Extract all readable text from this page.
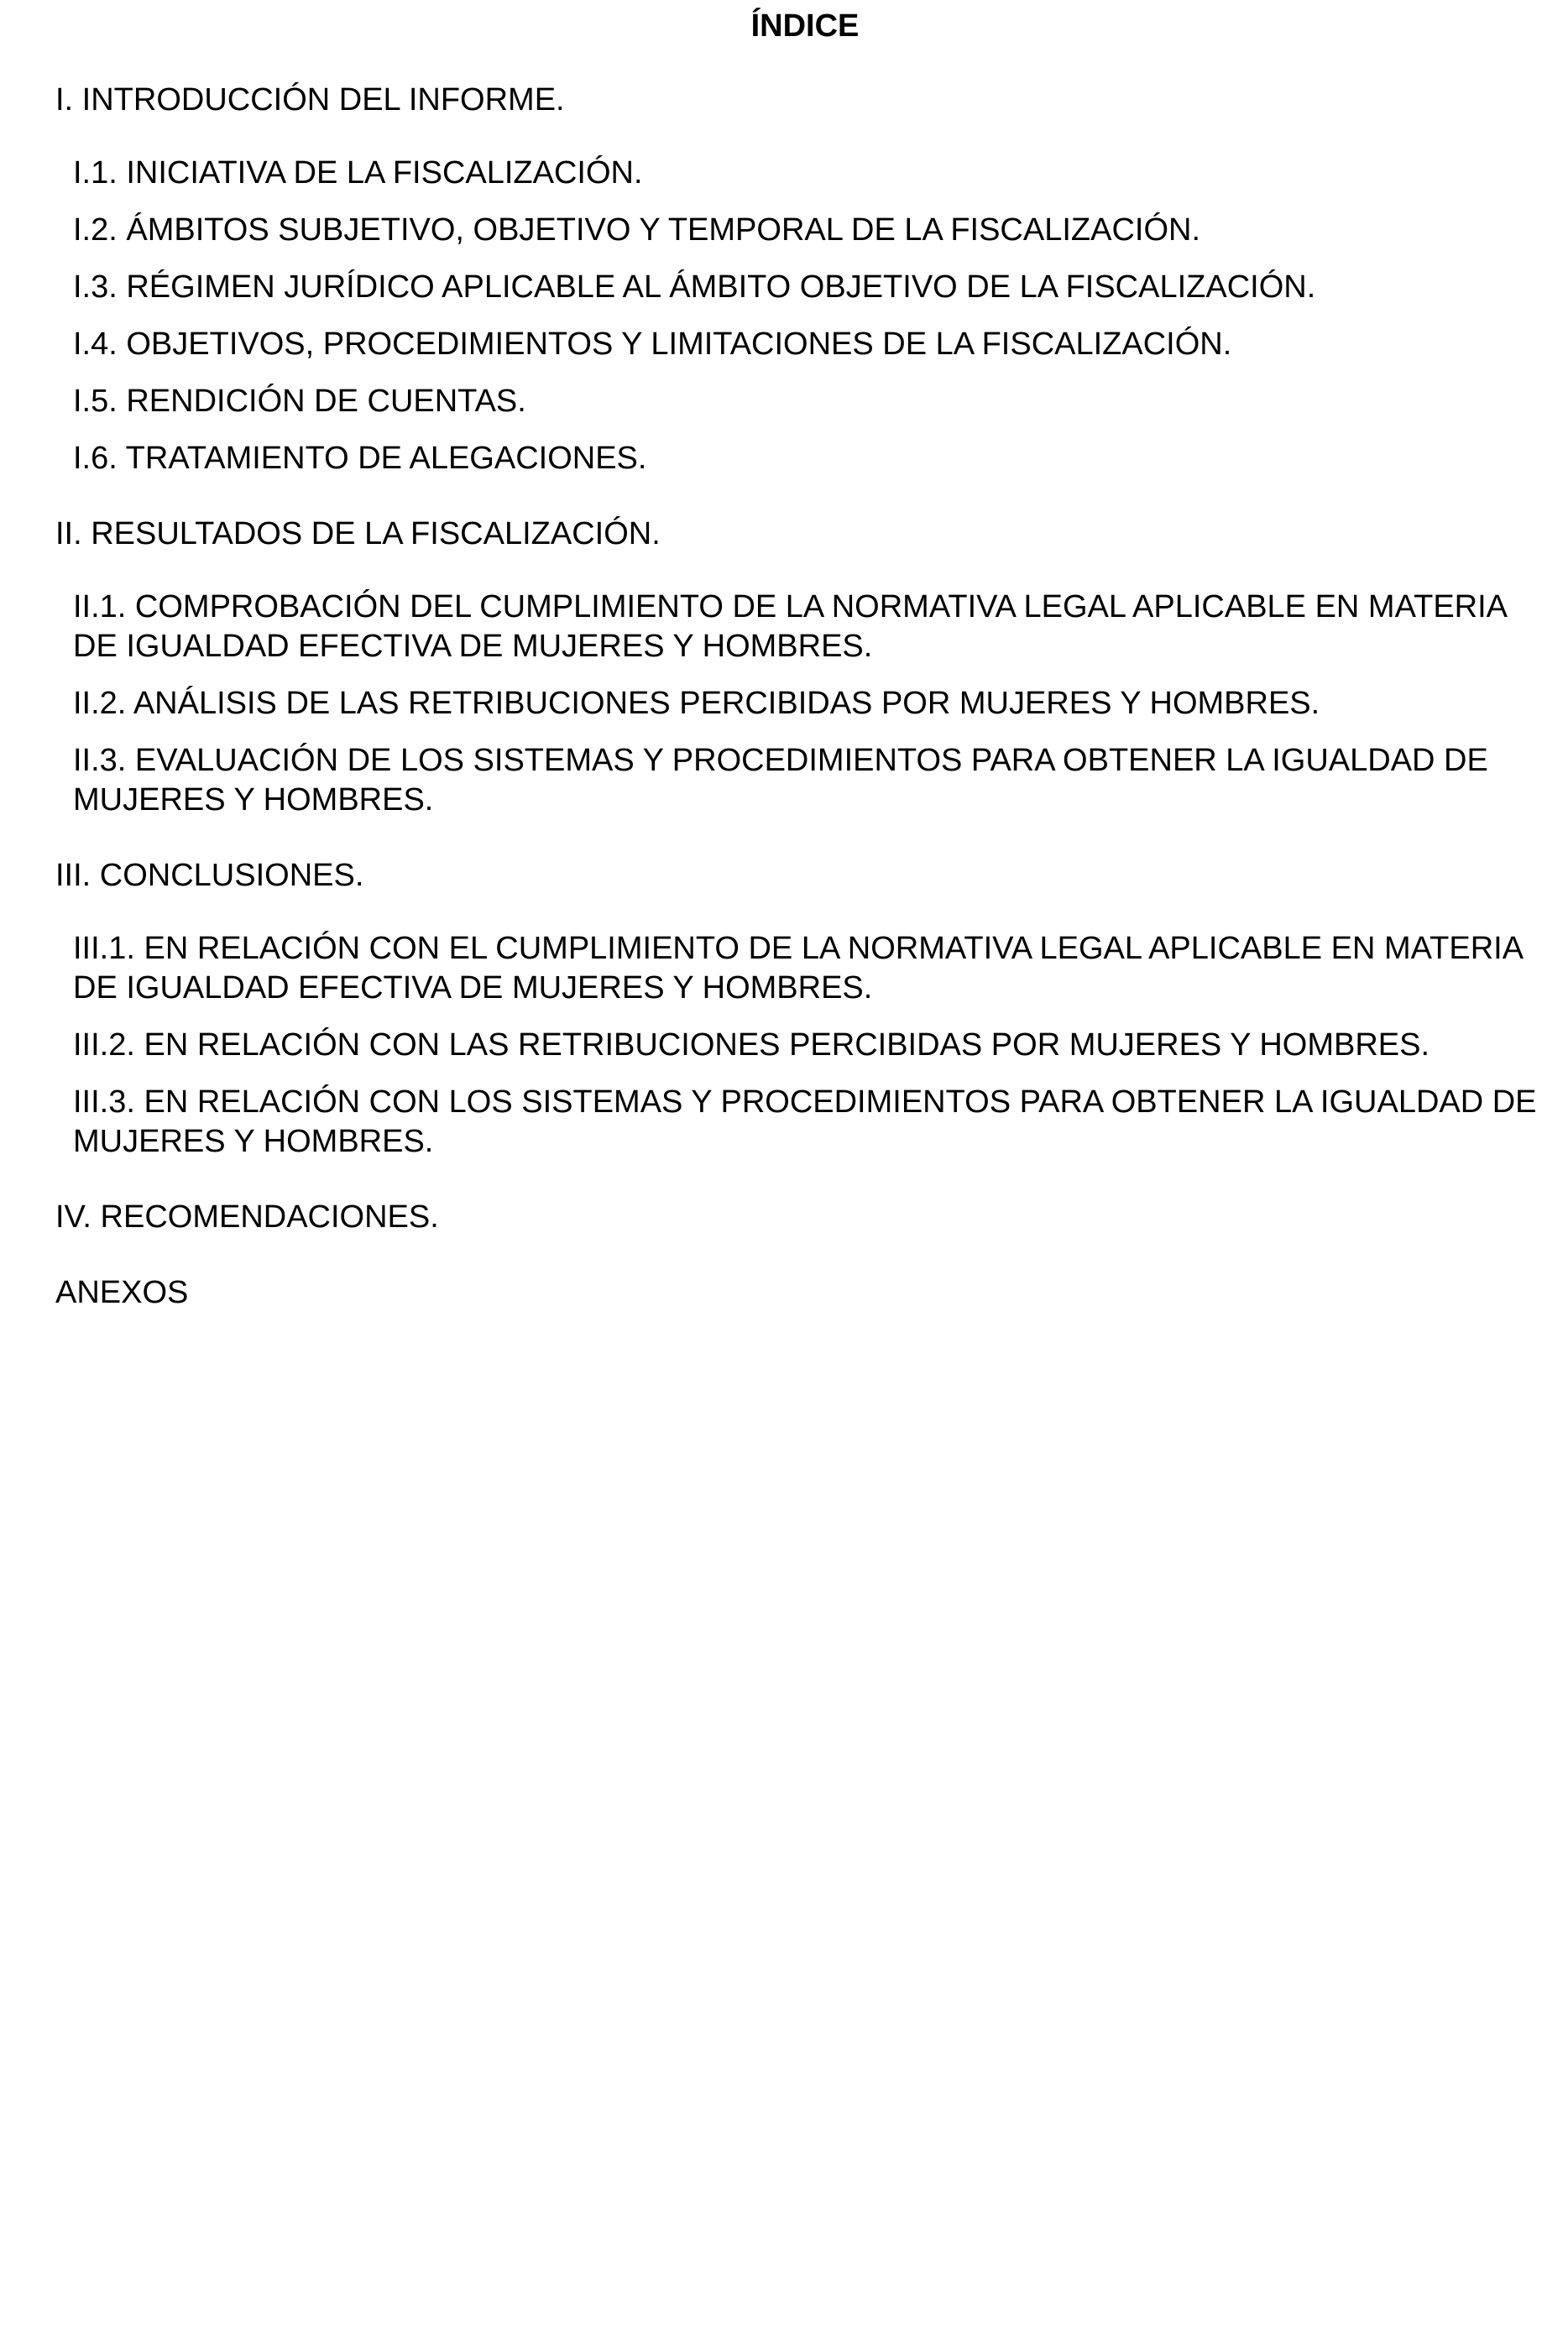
ÍNDICE

I. INTRODUCCIÓN DEL INFORME.

I.1. INICIATIVA DE LA FISCALIZACIÓN.

I.2. ÁMBITOS SUBJETIVO, OBJETIVO Y TEMPORAL DE LA FISCALIZACIÓN.

I.3. RÉGIMEN JURÍDICO APLICABLE AL ÁMBITO OBJETIVO DE LA FISCALIZACIÓN.

I.4. OBJETIVOS, PROCEDIMIENTOS Y LIMITACIONES DE LA FISCALIZACIÓN.

I.5. RENDICIÓN DE CUENTAS.

I.6. TRATAMIENTO DE ALEGACIONES.

II. RESULTADOS DE LA FISCALIZACIÓN.

II.1. COMPROBACIÓN DEL CUMPLIMIENTO DE LA NORMATIVA LEGAL APLICABLE EN MATERIA DE IGUALDAD EFECTIVA DE MUJERES Y HOMBRES.

II.2. ANÁLISIS DE LAS RETRIBUCIONES PERCIBIDAS POR MUJERES Y HOMBRES.

II.3. EVALUACIÓN DE LOS SISTEMAS Y PROCEDIMIENTOS PARA OBTENER LA IGUALDAD DE MUJERES Y HOMBRES.

III. CONCLUSIONES.

III.1. EN RELACIÓN CON EL CUMPLIMIENTO DE LA NORMATIVA LEGAL APLICABLE EN MATERIA DE IGUALDAD EFECTIVA DE MUJERES Y HOMBRES.

III.2. EN RELACIÓN CON LAS RETRIBUCIONES PERCIBIDAS POR MUJERES Y HOMBRES.

III.3. EN RELACIÓN CON LOS SISTEMAS Y PROCEDIMIENTOS PARA OBTENER LA IGUALDAD DE MUJERES Y HOMBRES.

IV. RECOMENDACIONES.

ANEXOS
